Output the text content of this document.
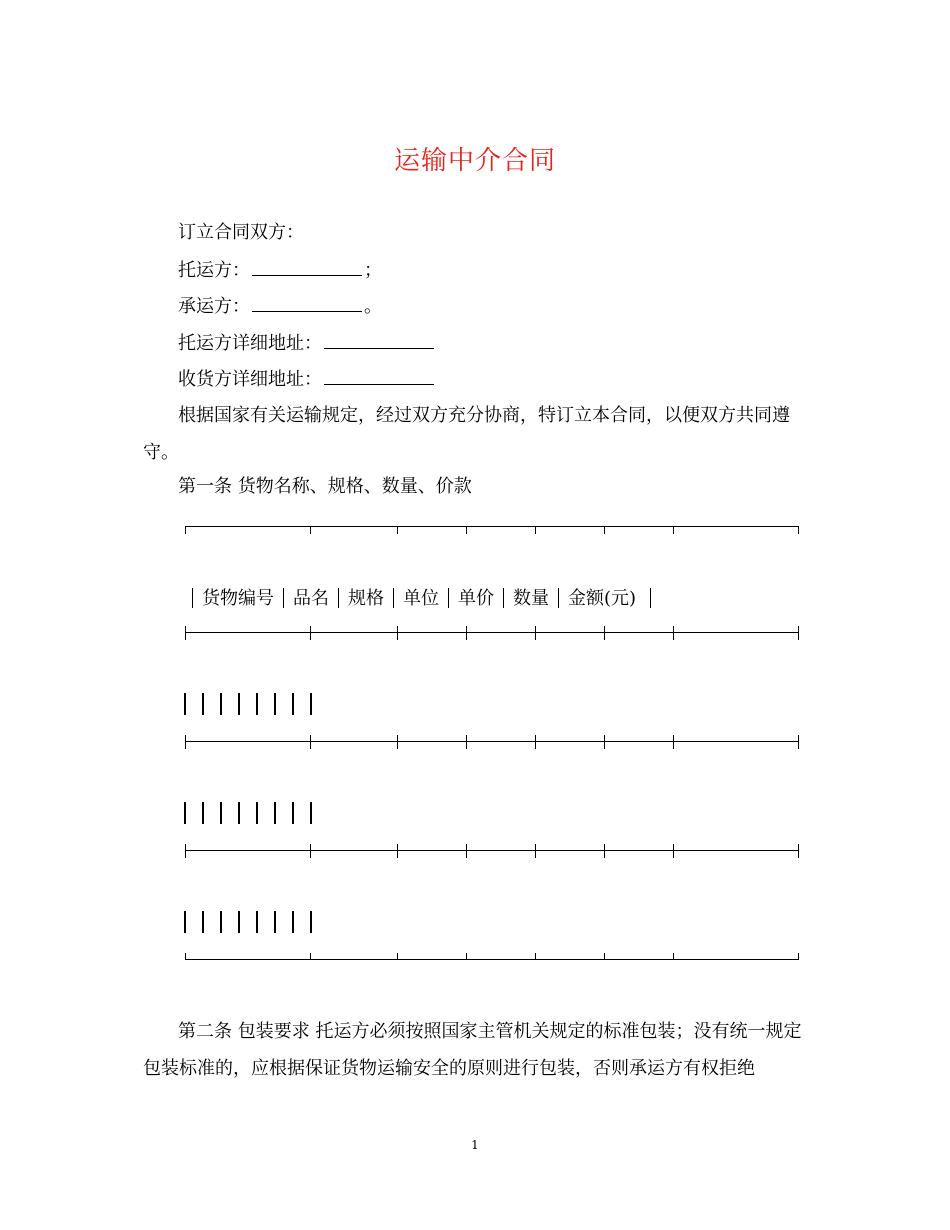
运输中介合同
订立合同双方：
托运方：	；
承运方：	。
托运方详细地址：
收货方详细地址：
根据国家有关运输规定，经过双方充分协商，特订立本合同，以便双方共同遵守。
第一条 货物名称、规格、数量、价款
货物编号 品名 规格 单位 单价 数量 金额(元)
第二条 包装要求 托运方必须按照国家主管机关规定的标准包装；没有统一规定包装标准的，应根据保证货物运输安全的原则进行包装，否则承运方有权拒绝
1
